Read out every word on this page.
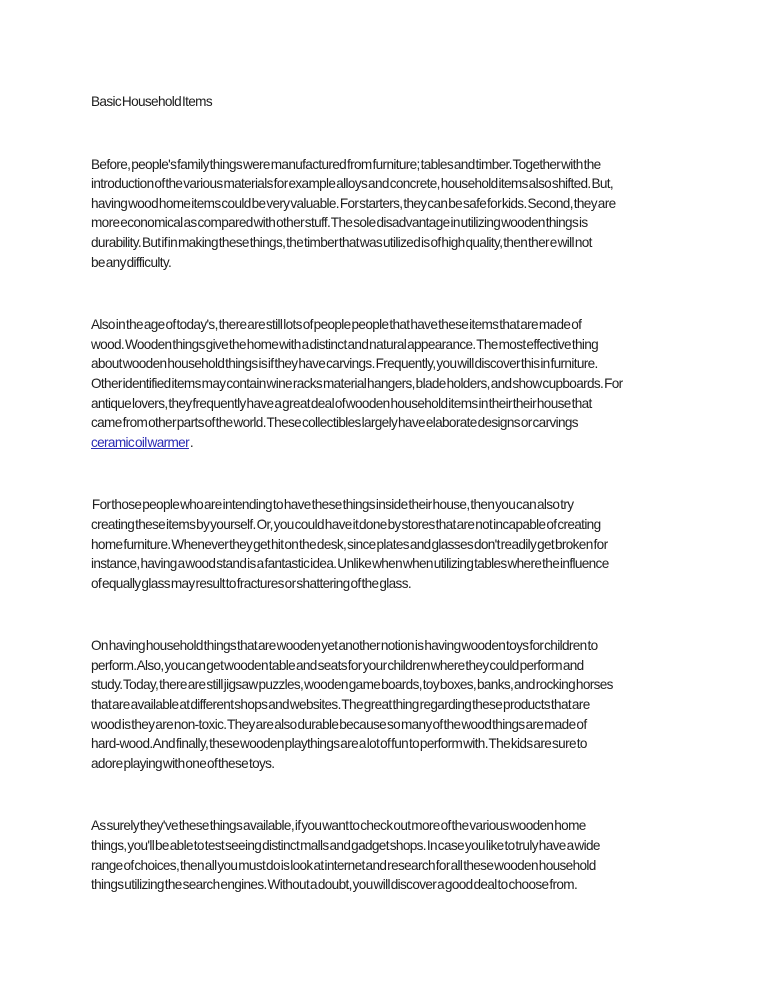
Basic Household Items

Before, people's family things were manufactured from furniture; tables and timber. Together with the
introduction of the various materials for example alloys and concrete, household items also shifted. But,
having wood home items could be very valuable. For starters, they can be safe for kids. Second, they are
more economical as compared with other stuff. The sole disadvantage in utilizing wooden things is
durability. But if in making these things, the timber that was utilized is of high quality, then ther e will not
be any difficulty.

Also in the age of today's, there are still lots of people people that have these items that are made of
wood. Wooden things give the home with a distinct and natural appearance. The most effective thing
about wooden household things is if they have carvings. Frequently, you will discover this in furniture.
Other identified items may contain wine racks material hangers, blade holders, and show cupboards. For
antique lovers, they frequently have a great deal of wooden household items in their their house that
came from other parts of the world. These collectibles largely have elaborate designs or carvings
ceramic oil warmer .

For those people who are intending to have these things inside their house, then you can also try
creating these items by yourself. Or, you could have it done by stores that are not incapable of creating
home furniture. Whenever they get hit on the desk, since plates and glasses don't readily get broken for
instance, having a wood stand is a fantastic idea. Unlike when when utilizing tables where the influence
of equally glass may result to fractures or shattering of the glass.

On having household things that are wooden yet another notion is having wooden toys for children to
perform. Also, you can get wooden table and seats for your children where they could perform and
study. Today, there are still jigsaw puzzles, wooden game boards, toy boxes, banks, and rocking horses
that are available at different shops and websites. The great thing regarding these products that are
wood is they are non-toxic. They are also durable because so many of the wood things are made of
hard-wood. And finally, these wooden playthings are a lot of fun to perform with. The kids are sure to
adore playing with one of these toys.

As surely they've these things available, if you want to check out more of the various wooden home
things, you'll be able to test seeing distinct malls and gadget shops. In case you like to truly have a wide
range of choices, then all you must do is look at internet and research for all these wooden household
things utilizing the search engines. Without a doubt, you will discover a good deal to choose from.
